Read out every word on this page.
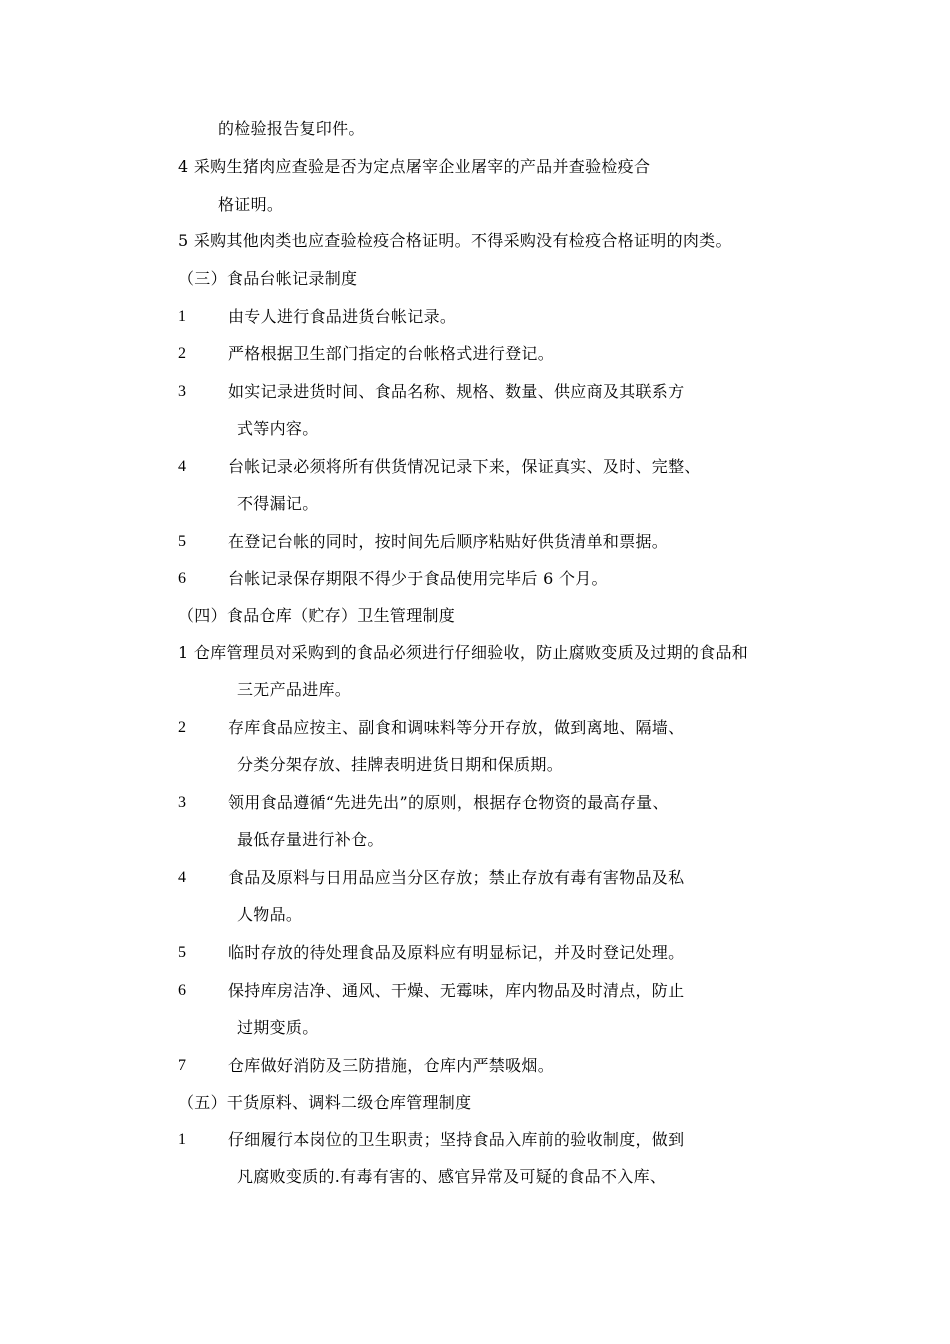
的检验报告复印件。
4 采购生猪肉应查验是否为定点屠宰企业屠宰的产品并查验检疫合
格证明。
5 采购其他肉类也应查验检疫合格证明。不得采购没有检疫合格证明的肉类。
（三）食品台帐记录制度
1	由专人进行食品进货台帐记录。
2	严格根据卫生部门指定的台帐格式进行登记。
3	如实记录进货时间、食品名称、规格、数量、供应商及其联系方
式等内容。
4	台帐记录必须将所有供货情况记录下来，保证真实、及时、完整、
不得漏记。
5	在登记台帐的同时，按时间先后顺序粘贴好供货清单和票据。
6	台帐记录保存期限不得少于食品使用完毕后 6 个月。
（四）食品仓库（贮存）卫生管理制度
1 仓库管理员对采购到的食品必须进行仔细验收，防止腐败变质及过期的食品和
三无产品进库。
2	存库食品应按主、副食和调味料等分开存放，做到离地、隔墙、
分类分架存放、挂牌表明进货日期和保质期。
3	领用食品遵循“先进先出”的原则，根据存仓物资的最高存量、
最低存量进行补仓。
4	食品及原料与日用品应当分区存放；禁止存放有毒有害物品及私
人物品。
5	临时存放的待处理食品及原料应有明显标记，并及时登记处理。
6	保持库房洁净、通风、干燥、无霉味，库内物品及时清点，防止
过期变质。
7	仓库做好消防及三防措施，仓库内严禁吸烟。
（五）干货原料、调料二级仓库管理制度
1	仔细履行本岗位的卫生职责；坚持食品入库前的验收制度，做到
凡腐败变质的.有毒有害的、感官异常及可疑的食品不入库、
